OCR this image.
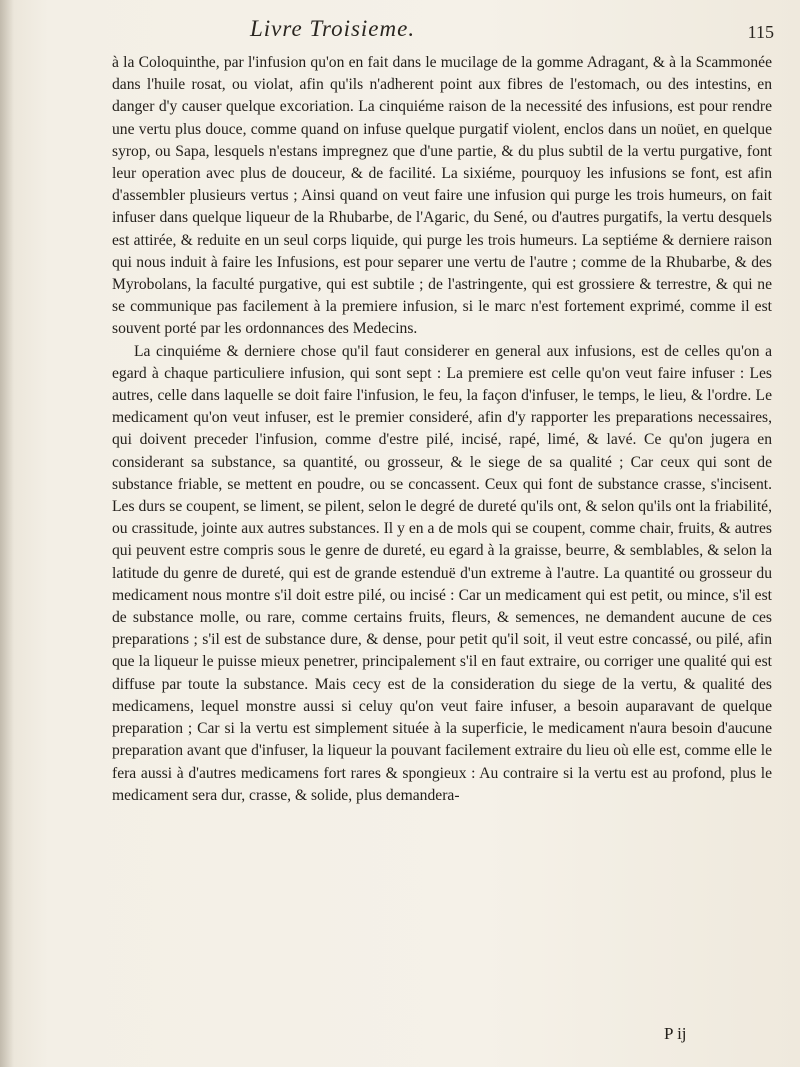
Livre Troisieme.	115

à la Coloquinthe, par l'infusion qu'on en fait dans le mucilage de la gomme Adragant, & à la Scammonée dans l'huile rosat, ou violat, afin qu'ils n'adherent point aux fibres de l'estomach, ou des intestins, en danger d'y causer quelque excoriation. La cinquiéme raison de la necessité des infusions, est pour rendre une vertu plus douce, comme quand on infuse quelque purgatif violent, enclos dans un noüet, en quelque syrop, ou Sapa, lesquels n'estans impregnez que d'une partie, & du plus subtil de la vertu purgative, font leur operation avec plus de douceur, & de facilité. La sixiéme, pourquoy les infusions se font, est afin d'assembler plusieurs vertus ; Ainsi quand on veut faire une infusion qui purge les trois humeurs, on fait infuser dans quelque liqueur de la Rhubarbe, de l'Agaric, du Sené, ou d'autres purgatifs, la vertu desquels est attirée, & reduite en un seul corps liquide, qui purge les trois humeurs. La septiéme & derniere raison qui nous induit à faire les Infusions, est pour separer une vertu de l'autre ; comme de la Rhubarbe, & des Myrobolans, la faculté purgative, qui est subtile ; de l'astringente, qui est grossiere & terrestre, & qui ne se communique pas facilement à la premiere infusion, si le marc n'est fortement exprimé, comme il est souvent porté par les ordonnances des Medecins.

La cinquiéme & derniere chose qu'il faut considerer en general aux infusions, est de celles qu'on a egard à chaque particuliere infusion, qui sont sept : La premiere est celle qu'on veut faire infuser : Les autres, celle dans laquelle se doit faire l'infusion, le feu, la façon d'infuser, le temps, le lieu, & l'ordre. Le medicament qu'on veut infuser, est le premier consideré, afin d'y rapporter les preparations necessaires, qui doivent preceder l'infusion, comme d'estre pilé, incisé, rapé, limé, & lavé. Ce qu'on jugera en considerant sa substance, sa quantité, ou grosseur, & le siege de sa qualité ; Car ceux qui sont de substance friable, se mettent en poudre, ou se concassent. Ceux qui font de substance crasse, s'incisent. Les durs se coupent, se liment, se pilent, selon le degré de dureté qu'ils ont, & selon qu'ils ont la friabilité, ou crassitude, jointe aux autres substances. Il y en a de mols qui se coupent, comme chair, fruits, & autres qui peuvent estre compris sous le genre de dureté, eu egard à la graisse, beurre, & semblables, & selon la latitude du genre de dureté, qui est de grande estenduë d'un extreme à l'autre. La quantité ou grosseur du medicament nous montre s'il doit estre pilé, ou incisé : Car un medicament qui est petit, ou mince, s'il est de substance molle, ou rare, comme certains fruits, fleurs, & semences, ne demandent aucune de ces preparations ; s'il est de substance dure, & dense, pour petit qu'il soit, il veut estre concassé, ou pilé, afin que la liqueur le puisse mieux penetrer, principalement s'il en faut extraire, ou corriger une qualité qui est diffuse par toute la substance. Mais cecy est de la consideration du siege de la vertu, & qualité des medicamens, lequel monstre aussi si celuy qu'on veut faire infuser, a besoin auparavant de quelque preparation ; Car si la vertu est simplement située à la superficie, le medicament n'aura besoin d'aucune preparation avant que d'infuser, la liqueur la pouvant facilement extraire du lieu où elle est, comme elle le fera aussi à d'autres medicamens fort rares & spongieux : Au contraire si la vertu est au profond, plus le medicament sera dur, crasse, & solide, plus demandera-

P ij
